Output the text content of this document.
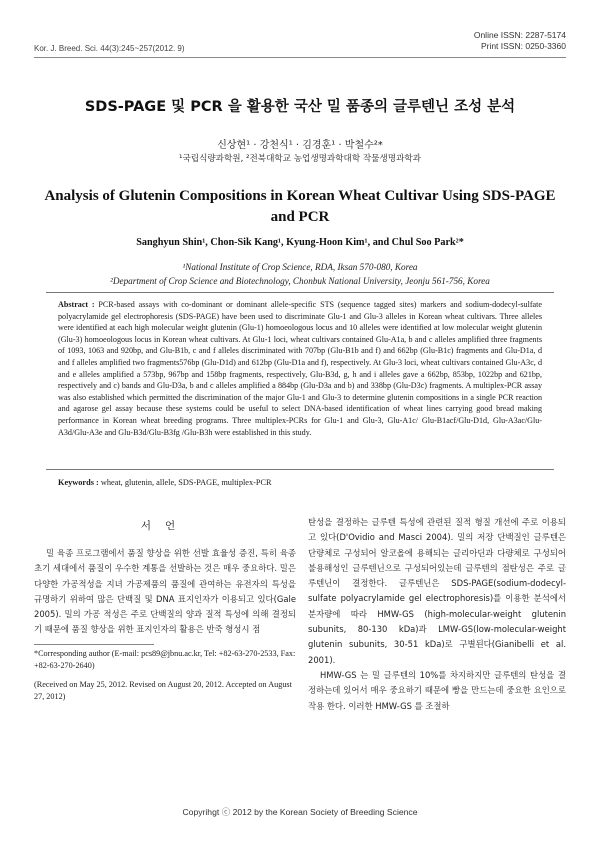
Online ISSN: 2287-5174
Print ISSN: 0250-3360
Kor. J. Breed. Sci. 44(3):245~257(2012. 9)
SDS-PAGE 및 PCR 을 활용한 국산 밀 품종의 글루텐닌 조성 분석
신상현¹ · 강천식¹ · 김경훈¹ · 박철수²*
¹국립식량과학원, ²전북대학교 농업생명과학대학 작물생명과학과
Analysis of Glutenin Compositions in Korean Wheat Cultivar Using SDS-PAGE and PCR
Sanghyun Shin¹, Chon-Sik Kang¹, Kyung-Hoon Kim¹, and Chul Soo Park²*
¹National Institute of Crop Science, RDA, Iksan 570-080, Korea
²Department of Crop Science and Biotechnology, Chonbuk National University, Jeonju 561-756, Korea
Abstract : PCR-based assays with co-dominant or dominant allele-specific STS (sequence tagged sites) markers and sodium-dodecyl-sulfate polyacrylamide gel electrophoresis (SDS-PAGE) have been used to discriminate Glu-1 and Glu-3 alleles in Korean wheat cultivars. Three alleles were identified at each high molecular weight glutenin (Glu-1) homoeologous locus and 10 alleles were identified at low molecular weight glutenin (Glu-3) homoeologous locus in Korean wheat cultivars. At Glu-1 loci, wheat cultivars contained Glu-A1a, b and c alleles amplified three fragments of 1093, 1063 and 920bp, and Glu-B1b, c and f alleles discriminated with 707bp (Glu-B1b and f) and 662bp (Glu-B1c) fragments and Glu-D1a, d and f alleles amplified two fragments576bp (Glu-D1d) and 612bp (Glu-D1a and f), respectively. At Glu-3 loci, wheat cultivars contained Glu-A3c, d and e alleles amplified a 573bp, 967bp and 158bp fragments, respectively, Glu-B3d, g, h and i alleles gave a 662bp, 853bp, 1022bp and 621bp, respectively and c) bands and Glu-D3a, b and c alleles amplified a 884bp (Glu-D3a and b) and 338bp (Glu-D3c) fragments. A multiplex-PCR assay was also established which permitted the discrimination of the major Glu-1 and Glu-3 to determine glutenin compositions in a single PCR reaction and agarose gel assay because these systems could be useful to select DNA-based identification of wheat lines carrying good bread making performance in Korean wheat breeding programs. Three multiplex-PCRs for Glu-1 and Glu-3, Glu-A1c/ Glu-B1acf/Glu-D1d, Glu-A3ac/Glu-A3d/Glu-A3e and Glu-B3d/Glu-B3fg /Glu-B3h were established in this study.
Keywords : wheat, glutenin, allele, SDS-PAGE, multiplex-PCR
서언

밀 육종 프로그램에서 품질 향상을 위한 선발 효율성 증진, 특히 육종 초기 세대에서 품질이 우수한 계통을 선발하는 것은 매우 중요하다. 밀은 다양한 가공적성을 지녀 가공제품의 품질에 관여하는 유전자의 특성을 규명하기 위하여 많은 단백질 및 DNA 표지인자가 이용되고 있다(Gale 2005). 밀의 가공 적성은 주로 단백질의 양과 질적 특성에 의해 결정되기 때문에 품질 향상을 위한 표지인자의 활용은 반죽 형성시 점

탄성을 결정하는 글루텐 특성에 관련된 질적 형질 개선에 주로 이용되고 있다(D'Ovidio and Masci 2004). 밀의 저장 단백질인 글루텐은 단량체로 구성되어 알코올에 용해되는 글리아딘과 다량체로 구성되어 불용해성인 글루텐닌으로 구성되어있는데 글루텐의 점탄성은 주로 글루텐닌이 결정한다. 글루텐닌은 SDS-PAGE(sodium-dodecyl-sulfate polyacrylamide gel electrophoresis)를 이용한 분석에서 분자량에 따라 HMW-GS (high-molecular-weight glutenin subunits, 80-130 kDa)과 LMW-GS(low-molecular-weight glutenin subunits, 30-51 kDa)로 구별된다(Gianibelli et al. 2001).

HMW-GS 는 밀 글루텐의 10%를 차지하지만 글루텐의 탄성을 결정하는데 있어서 매우 중요하기 때문에 빵을 만드는데 중요한 요인으로 작용 한다. 이러한 HMW-GS 를 조절하

*Corresponding author (E-mail: pcs89@jbnu.ac.kr, Tel: +82-63-270-2533, Fax: +82-63-270-2640)
(Received on May 25, 2012. Revised on August 20, 2012. Accepted on August 27, 2012)
Copyrihgt ⓒ 2012 by the Korean Society of Breeding Science
